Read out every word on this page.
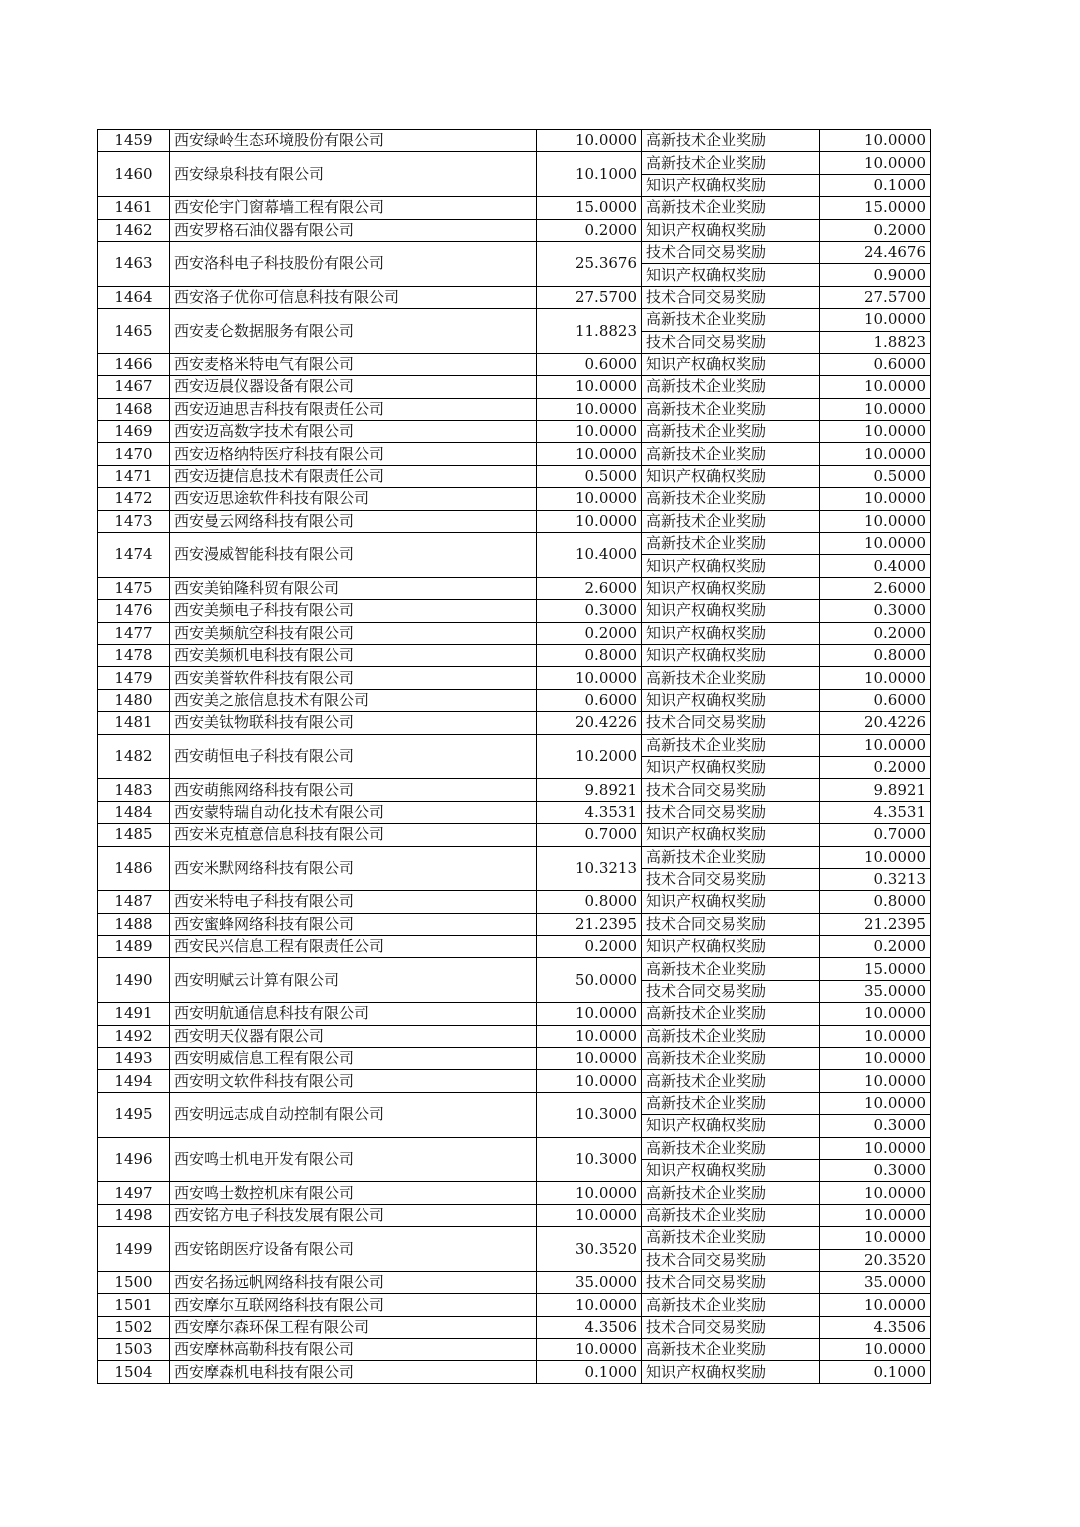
1459	西安绿岭生态环境股份有限公司	10.0000	高新技术企业奖励	10.0000
1460	西安绿泉科技有限公司	10.1000	高新技术企业奖励	10.0000
			知识产权确权奖励	0.1000
1461	西安伦宇门窗幕墙工程有限公司	15.0000	高新技术企业奖励	15.0000
1462	西安罗格石油仪器有限公司	0.2000	知识产权确权奖励	0.2000
1463	西安洛科电子科技股份有限公司	25.3676	技术合同交易奖励	24.4676
			知识产权确权奖励	0.9000
1464	西安洛子优你可信息科技有限公司	27.5700	技术合同交易奖励	27.5700
1465	西安麦仑数据服务有限公司	11.8823	高新技术企业奖励	10.0000
			技术合同交易奖励	1.8823
1466	西安麦格米特电气有限公司	0.6000	知识产权确权奖励	0.6000
1467	西安迈晨仪器设备有限公司	10.0000	高新技术企业奖励	10.0000
1468	西安迈迪思吉科技有限责任公司	10.0000	高新技术企业奖励	10.0000
1469	西安迈高数字技术有限公司	10.0000	高新技术企业奖励	10.0000
1470	西安迈格纳特医疗科技有限公司	10.0000	高新技术企业奖励	10.0000
1471	西安迈捷信息技术有限责任公司	0.5000	知识产权确权奖励	0.5000
1472	西安迈思途软件科技有限公司	10.0000	高新技术企业奖励	10.0000
1473	西安曼云网络科技有限公司	10.0000	高新技术企业奖励	10.0000
1474	西安漫威智能科技有限公司	10.4000	高新技术企业奖励	10.0000
			知识产权确权奖励	0.4000
1475	西安美铂隆科贸有限公司	2.6000	知识产权确权奖励	2.6000
1476	西安美频电子科技有限公司	0.3000	知识产权确权奖励	0.3000
1477	西安美频航空科技有限公司	0.2000	知识产权确权奖励	0.2000
1478	西安美频机电科技有限公司	0.8000	知识产权确权奖励	0.8000
1479	西安美誉软件科技有限公司	10.0000	高新技术企业奖励	10.0000
1480	西安美之旅信息技术有限公司	0.6000	知识产权确权奖励	0.6000
1481	西安美钛物联科技有限公司	20.4226	技术合同交易奖励	20.4226
1482	西安萌恒电子科技有限公司	10.2000	高新技术企业奖励	10.0000
			知识产权确权奖励	0.2000
1483	西安萌熊网络科技有限公司	9.8921	技术合同交易奖励	9.8921
1484	西安蒙特瑞自动化技术有限公司	4.3531	技术合同交易奖励	4.3531
1485	西安米克植意信息科技有限公司	0.7000	知识产权确权奖励	0.7000
1486	西安米默网络科技有限公司	10.3213	高新技术企业奖励	10.0000
			技术合同交易奖励	0.3213
1487	西安米特电子科技有限公司	0.8000	知识产权确权奖励	0.8000
1488	西安蜜蜂网络科技有限公司	21.2395	技术合同交易奖励	21.2395
1489	西安民兴信息工程有限责任公司	0.2000	知识产权确权奖励	0.2000
1490	西安明赋云计算有限公司	50.0000	高新技术企业奖励	15.0000
			技术合同交易奖励	35.0000
1491	西安明航通信息科技有限公司	10.0000	高新技术企业奖励	10.0000
1492	西安明天仪器有限公司	10.0000	高新技术企业奖励	10.0000
1493	西安明威信息工程有限公司	10.0000	高新技术企业奖励	10.0000
1494	西安明文软件科技有限公司	10.0000	高新技术企业奖励	10.0000
1495	西安明远志成自动控制有限公司	10.3000	高新技术企业奖励	10.0000
			知识产权确权奖励	0.3000
1496	西安鸣士机电开发有限公司	10.3000	高新技术企业奖励	10.0000
			知识产权确权奖励	0.3000
1497	西安鸣士数控机床有限公司	10.0000	高新技术企业奖励	10.0000
1498	西安铭方电子科技发展有限公司	10.0000	高新技术企业奖励	10.0000
1499	西安铭朗医疗设备有限公司	30.3520	高新技术企业奖励	10.0000
			技术合同交易奖励	20.3520
1500	西安名扬远帆网络科技有限公司	35.0000	技术合同交易奖励	35.0000
1501	西安摩尔互联网络科技有限公司	10.0000	高新技术企业奖励	10.0000
1502	西安摩尔森环保工程有限公司	4.3506	技术合同交易奖励	4.3506
1503	西安摩林高勒科技有限公司	10.0000	高新技术企业奖励	10.0000
1504	西安摩森机电科技有限公司	0.1000	知识产权确权奖励	0.1000
